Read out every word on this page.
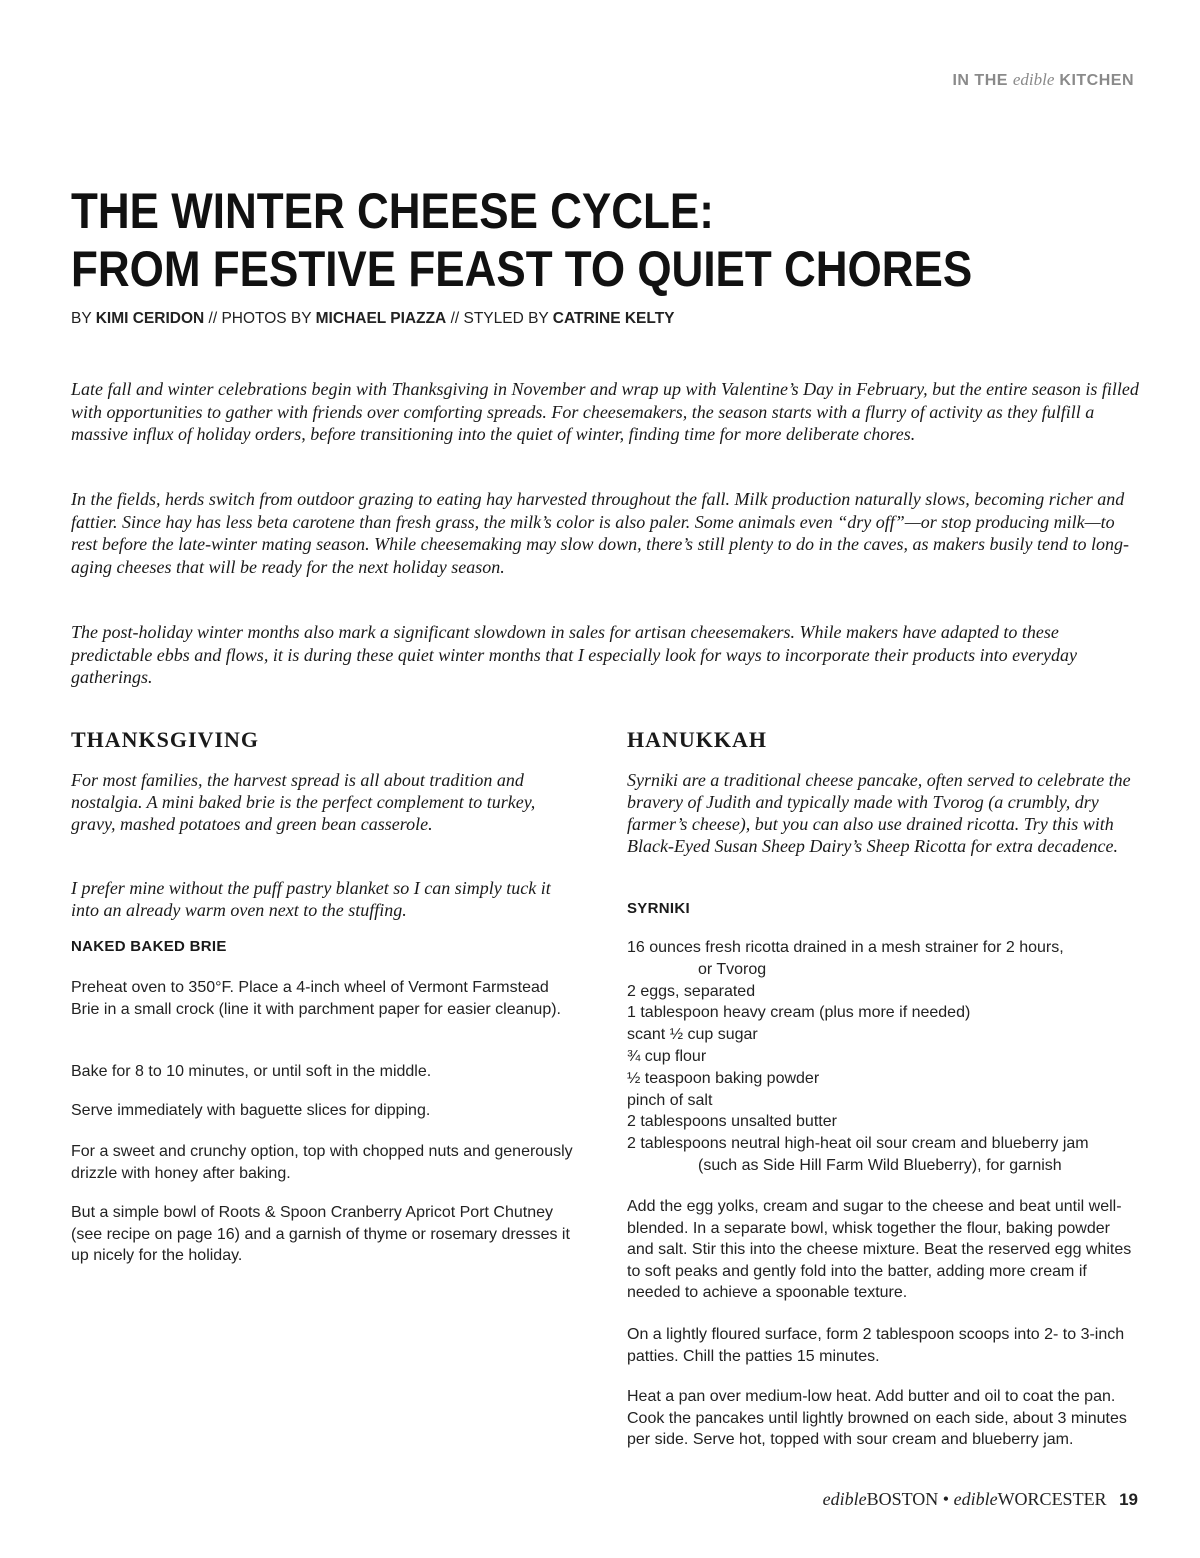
IN THE edible KITCHEN
THE WINTER CHEESE CYCLE:
FROM FESTIVE FEAST TO QUIET CHORES
BY KIMI CERIDON // PHOTOS BY MICHAEL PIAZZA // STYLED BY CATRINE KELTY

Late fall and winter celebrations begin with Thanksgiving in November and wrap up with Valentine’s Day in February, but the entire season is filled with opportunities to gather with friends over comforting spreads. For cheesemakers, the season starts with a flurry of activity as they fulfill a massive influx of holiday orders, before transitioning into the quiet of winter, finding time for more deliberate chores.

In the fields, herds switch from outdoor grazing to eating hay harvested throughout the fall. Milk production naturally slows, becoming richer and fattier. Since hay has less beta carotene than fresh grass, the milk’s color is also paler. Some animals even “dry off”—or stop producing milk—to rest before the late-winter mating season. While cheesemaking may slow down, there’s still plenty to do in the caves, as makers busily tend to long-aging cheeses that will be ready for the next holiday season.

The post-holiday winter months also mark a significant slowdown in sales for artisan cheesemakers. While makers have adapted to these predictable ebbs and flows, it is during these quiet winter months that I especially look for ways to incorporate their products into everyday gatherings.

THANKSGIVING

For most families, the harvest spread is all about tradition and nostalgia. A mini baked brie is the perfect complement to turkey, gravy, mashed potatoes and green bean casserole.

I prefer mine without the puff pastry blanket so I can simply tuck it into an already warm oven next to the stuffing.

NAKED BAKED BRIE

Preheat oven to 350°F. Place a 4-inch wheel of Vermont Farmstead Brie in a small crock (line it with parchment paper for easier cleanup).

Bake for 8 to 10 minutes, or until soft in the middle.

Serve immediately with baguette slices for dipping.

For a sweet and crunchy option, top with chopped nuts and generously drizzle with honey after baking.

But a simple bowl of Roots & Spoon Cranberry Apricot Port Chutney (see recipe on page 16) and a garnish of thyme or rosemary dresses it up nicely for the holiday.

HANUKKAH

Syrniki are a traditional cheese pancake, often served to celebrate the bravery of Judith and typically made with Tvorog (a crumbly, dry farmer’s cheese), but you can also use drained ricotta. Try this with Black-Eyed Susan Sheep Dairy’s Sheep Ricotta for extra decadence.

SYRNIKI
16 ounces fresh ricotta drained in a mesh strainer for 2 hours,
or Tvorog
2 eggs, separated
1 tablespoon heavy cream (plus more if needed)
scant ½ cup sugar
¾ cup flour
½ teaspoon baking powder
pinch of salt
2 tablespoons unsalted butter
2 tablespoons neutral high-heat oil sour cream and blueberry jam
(such as Side Hill Farm Wild Blueberry), for garnish

Add the egg yolks, cream and sugar to the cheese and beat until well-blended. In a separate bowl, whisk together the flour, baking powder and salt. Stir this into the cheese mixture. Beat the reserved egg whites to soft peaks and gently fold into the batter, adding more cream if needed to achieve a spoonable texture.

On a lightly floured surface, form 2 tablespoon scoops into 2- to 3-inch patties. Chill the patties 15 minutes.

Heat a pan over medium-low heat. Add butter and oil to coat the pan. Cook the pancakes until lightly browned on each side, about 3 minutes per side. Serve hot, topped with sour cream and blueberry jam.

edibleBOSTON • edibleWORCESTER 19
